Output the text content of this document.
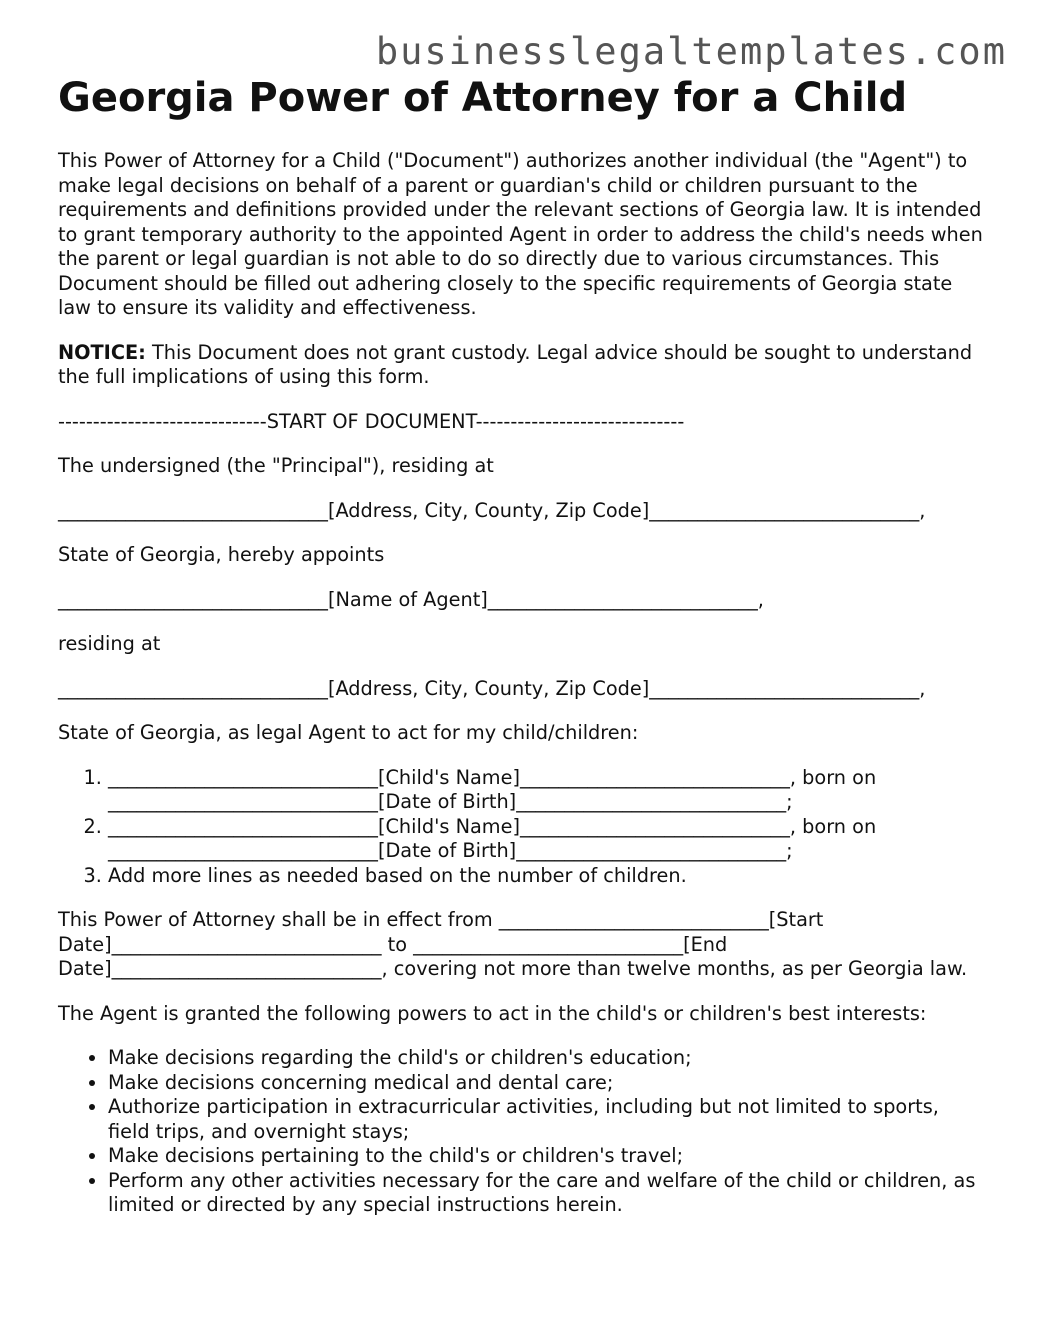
businesslegaltemplates.com
Georgia Power of Attorney for a Child

This Power of Attorney for a Child ("Document") authorizes another individual (the "Agent") to make legal decisions on behalf of a parent or guardian's child or children pursuant to the requirements and definitions provided under the relevant sections of Georgia law. It is intended to grant temporary authority to the appointed Agent in order to address the child's needs when the parent or legal guardian is not able to do so directly due to various circumstances. This Document should be filled out adhering closely to the specific requirements of Georgia state law to ensure its validity and effectiveness.

NOTICE: This Document does not grant custody. Legal advice should be sought to understand the full implications of using this form.

------------------------------START OF DOCUMENT------------------------------

The undersigned (the "Principal"), residing at

____________________________[Address, City, County, Zip Code]____________________________,

State of Georgia, hereby appoints

____________________________[Name of Agent]____________________________,

residing at

____________________________[Address, City, County, Zip Code]____________________________,

State of Georgia, as legal Agent to act for my child/children:

1. ____________________________[Child's Name]____________________________, born on ____________________________[Date of Birth]____________________________;
2. ____________________________[Child's Name]____________________________, born on ____________________________[Date of Birth]____________________________;
3. Add more lines as needed based on the number of children.

This Power of Attorney shall be in effect from ____________________________[Start Date]____________________________ to ____________________________[End Date]____________________________, covering not more than twelve months, as per Georgia law.

The Agent is granted the following powers to act in the child's or children's best interests:

• Make decisions regarding the child's or children's education;
• Make decisions concerning medical and dental care;
• Authorize participation in extracurricular activities, including but not limited to sports, field trips, and overnight stays;
• Make decisions pertaining to the child's or children's travel;
• Perform any other activities necessary for the care and welfare of the child or children, as limited or directed by any special instructions herein.
